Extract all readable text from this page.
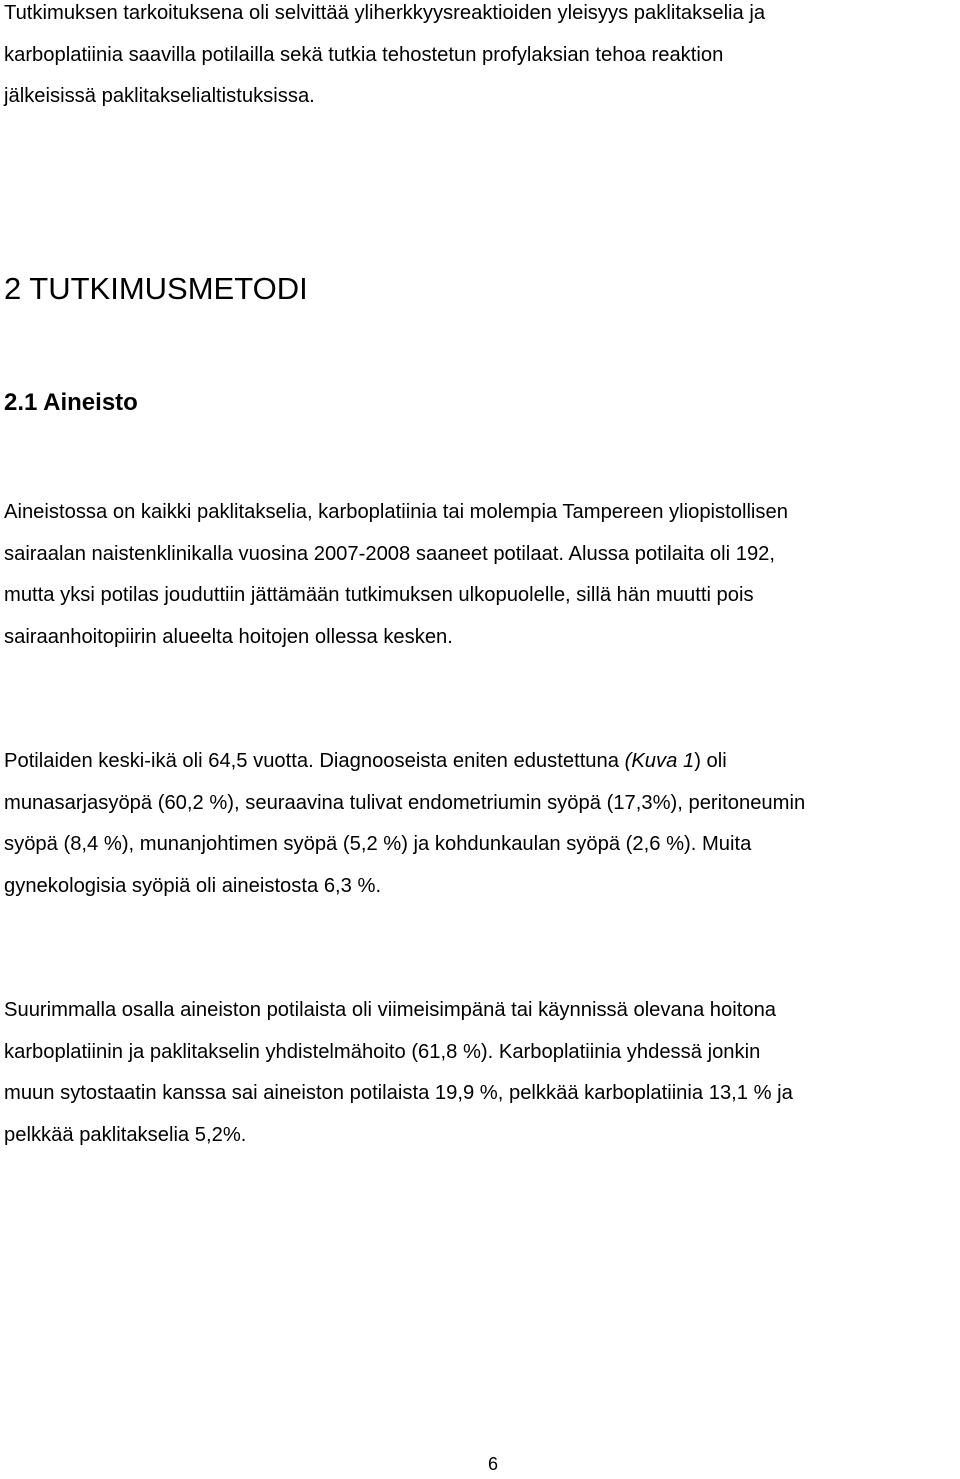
Tutkimuksen tarkoituksena oli selvittää yliherkkyysreaktioiden yleisyys paklitakselia ja
karboplatiinia saavilla potilailla sekä tutkia tehostetun profylaksian tehoa reaktion
jälkeisissä paklitakselialtistuksissa.

2 TUTKIMUSMETODI
2.1 Aineisto

Aineistossa on kaikki paklitakselia, karboplatiinia tai molempia Tampereen yliopistollisen
sairaalan naistenklinikalla vuosina 2007-2008 saaneet potilaat. Alussa potilaita oli 192,
mutta yksi potilas jouduttiin jättämään tutkimuksen ulkopuolelle, sillä hän muutti pois
sairaanhoitopiirin alueelta hoitojen ollessa kesken.

Potilaiden keski-ikä oli 64,5 vuotta. Diagnooseista eniten edustettuna (Kuva 1) oli
munasarjasyöpä (60,2 %), seuraavina tulivat endometriumin syöpä (17,3%), peritoneumin
syöpä (8,4 %), munanjohtimen syöpä (5,2 %) ja kohdunkaulan syöpä (2,6 %). Muita
gynekologisia syöpiä oli aineistosta 6,3 %.

Suurimmalla osalla aineiston potilaista oli viimeisimpänä tai käynnissä olevana hoitona
karboplatiinin ja paklitakselin yhdistelmähoito (61,8 %). Karboplatiinia yhdessä jonkin
muun sytostaatin kanssa sai aineiston potilaista 19,9 %, pelkkää karboplatiinia 13,1 % ja
pelkkää paklitakselia 5,2%.

6
